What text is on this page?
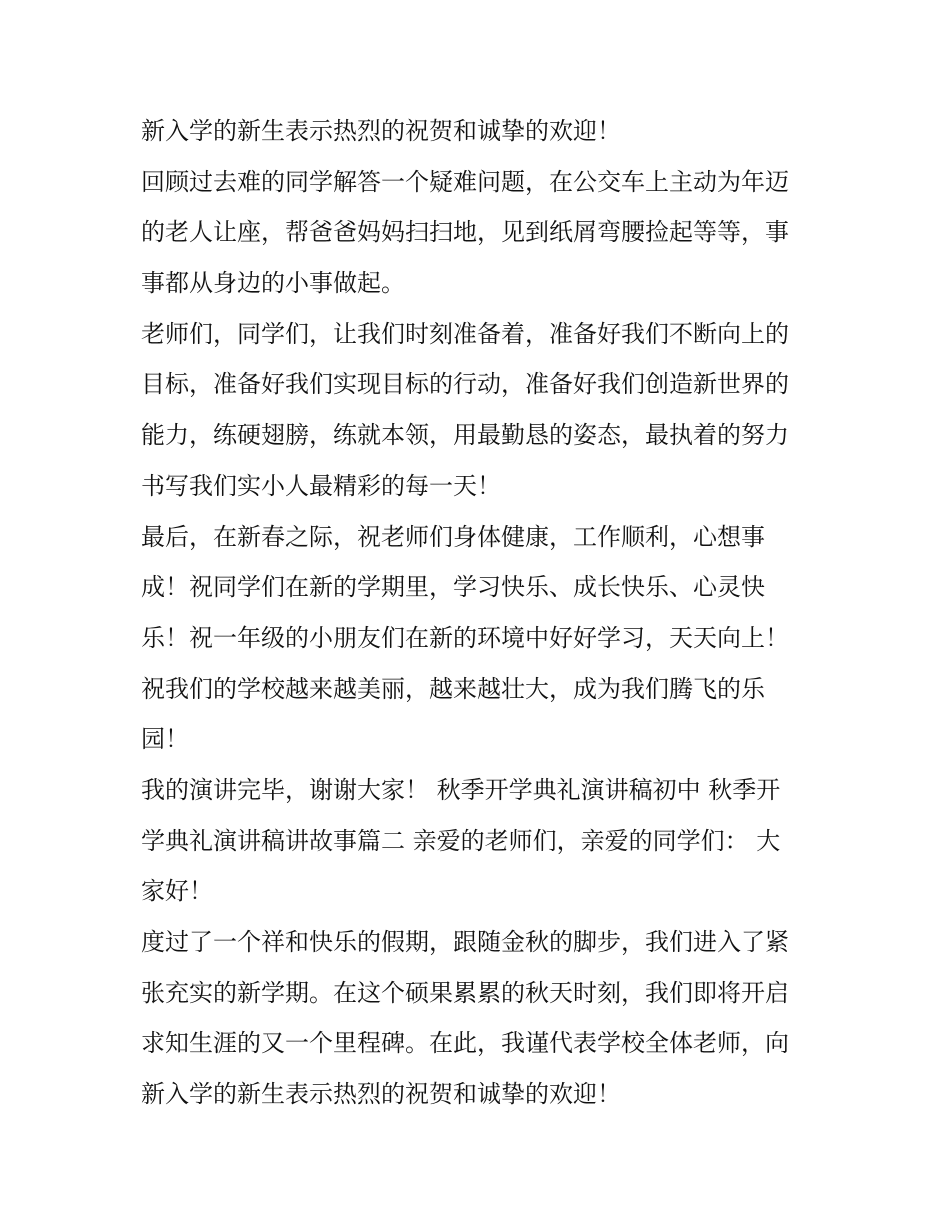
新入学的新生表示热烈的祝贺和诚挚的欢迎！
回顾过去难的同学解答一个疑难问题，在公交车上主动为年迈
的老人让座，帮爸爸妈妈扫扫地，见到纸屑弯腰捡起等等，事
事都从身边的小事做起。
老师们，同学们，让我们时刻准备着，准备好我们不断向上的
目标，准备好我们实现目标的行动，准备好我们创造新世界的
能力，练硬翅膀，练就本领，用最勤恳的姿态，最执着的努力
书写我们实小人最精彩的每一天！
最后，在新春之际，祝老师们身体健康，工作顺利，心想事
成！祝同学们在新的学期里，学习快乐、成长快乐、心灵快
乐！祝一年级的小朋友们在新的环境中好好学习，天天向上！
祝我们的学校越来越美丽，越来越壮大，成为我们腾飞的乐
园！
我的演讲完毕，谢谢大家！ 秋季开学典礼演讲稿初中 秋季开
学典礼演讲稿讲故事篇二 亲爱的老师们，亲爱的同学们： 大
家好！
度过了一个祥和快乐的假期，跟随金秋的脚步，我们进入了紧
张充实的新学期。在这个硕果累累的秋天时刻，我们即将开启
求知生涯的又一个里程碑。在此，我谨代表学校全体老师，向
新入学的新生表示热烈的祝贺和诚挚的欢迎！
